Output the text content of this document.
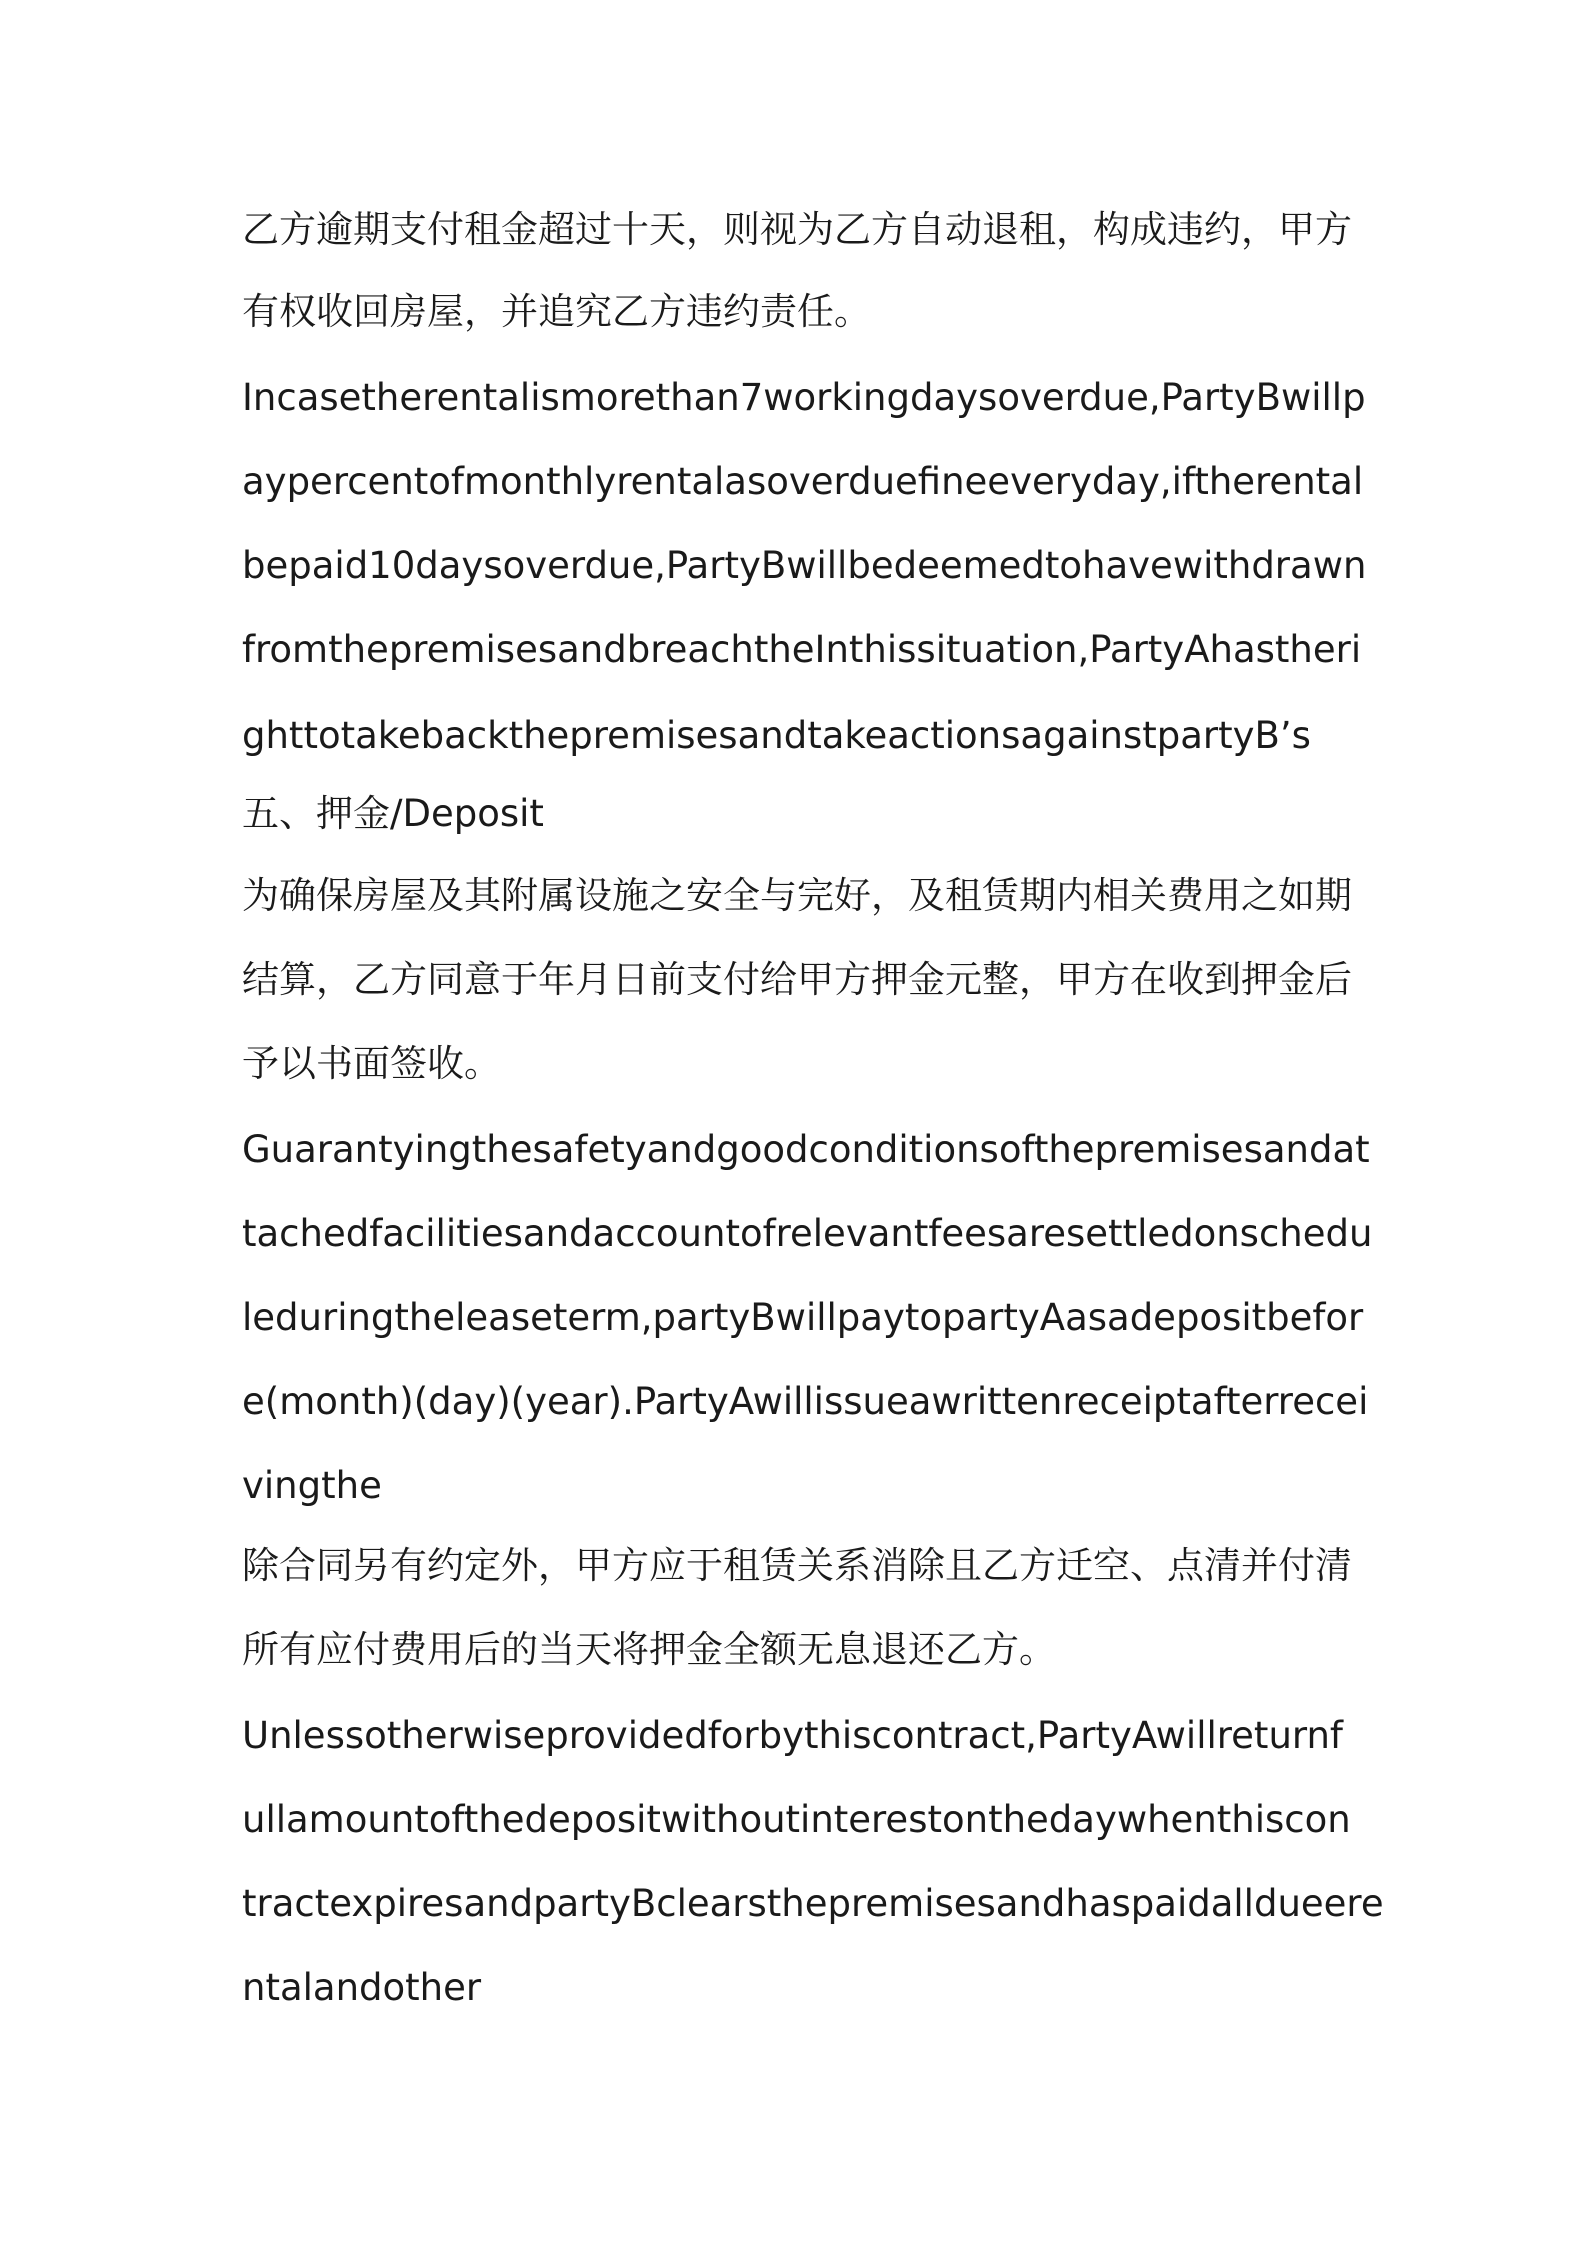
乙方逾期支付租金超过十天，则视为乙方自动退租，构成违约，甲方

有权收回房屋，并追究乙方违约责任。

Incasetherentalismorethan7workingdaysoverdue,PartyBwillp

aypercentofmonthlyrentalasoverduefineeveryday,iftherental

bepaid10daysoverdue,PartyBwillbedeemedtohavewithdrawn

fromthepremisesandbreachtheInthissituation,PartyAhastheri

ghttotakebackthepremisesandtakeactionsagainstpartyB’s

五、押金/Deposit

为确保房屋及其附属设施之安全与完好，及租赁期内相关费用之如期

结算，乙方同意于年月日前支付给甲方押金元整，甲方在收到押金后

予以书面签收。

Guarantyingthesafetyandgoodconditionsofthepremisesandat

tachedfacilitiesandaccountofrelevantfeesaresettledonschedu

leduringtheleaseterm,partyBwillpaytopartyAasadepositbefor

e(month)(day)(year).PartyAwillissueawrittenreceiptafterrecei

vingthe

除合同另有约定外，甲方应于租赁关系消除且乙方迁空、点清并付清

所有应付费用后的当天将押金全额无息退还乙方。

Unlessotherwiseprovidedforbythiscontract,PartyAwillreturnf

ullamountofthedepositwithoutinterestonthedaywhenthiscon

tractexpiresandpartyBclearsthepremisesandhaspaidalldueere

ntalandother
